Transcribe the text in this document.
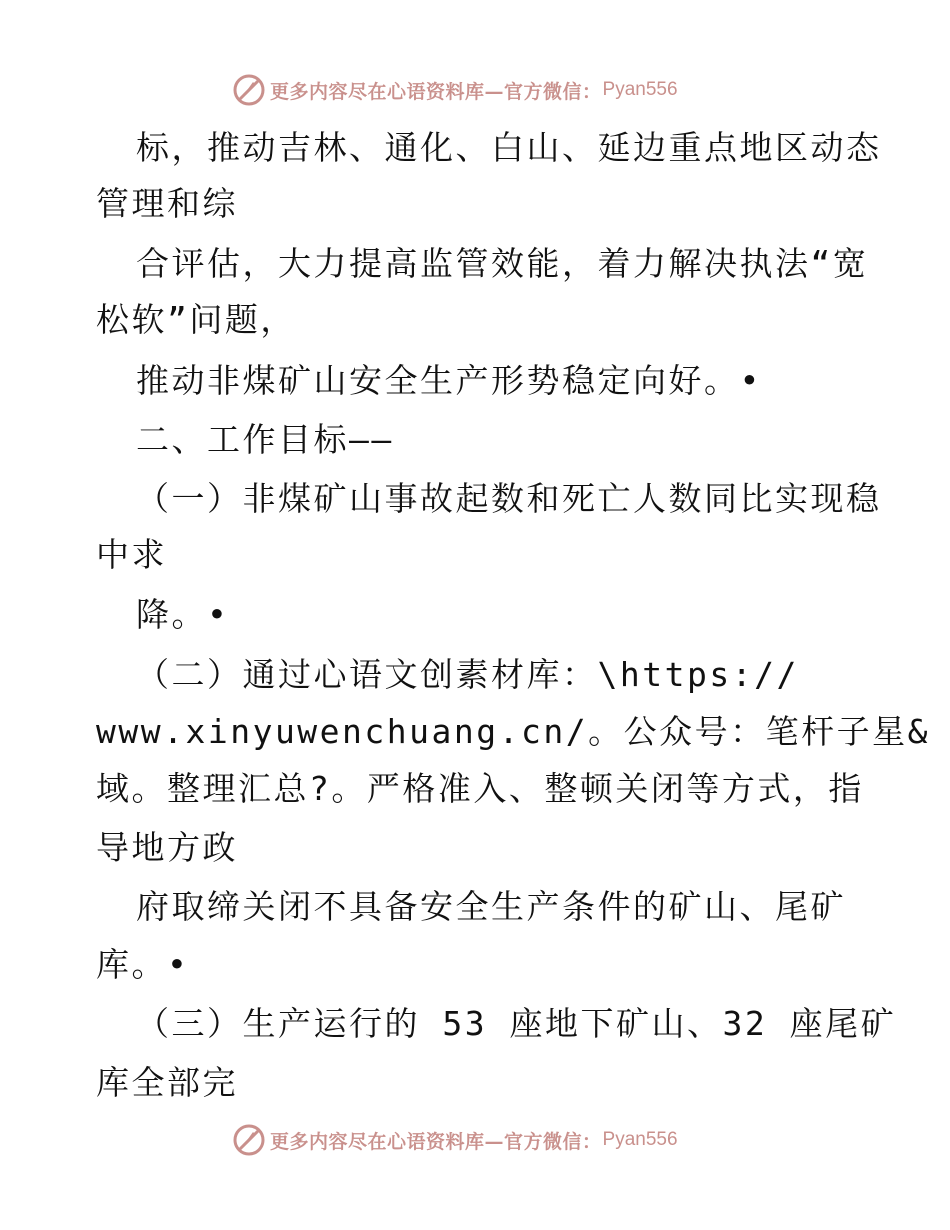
更多内容尽在心语资料库—官方微信： Pyan556
标，推动吉林、通化、白山、延边重点地区动态
管理和综
合评估，大力提高监管效能，着力解决执法“宽
松软”问题，
推动非煤矿山安全生产形势稳定向好。•
二、工作目标——
（一）非煤矿山事故起数和死亡人数同比实现稳
中求
降。•
（二）通过心语文创素材库：\https://
www.xinyuwenchuang.cn/。公众号：笔杆子星&
域。整理汇总?。严格准入、整顿关闭等方式，指
导地方政
府取缔关闭不具备安全生产条件的矿山、尾矿
库。•
（三）生产运行的 53 座地下矿山、32 座尾矿
库全部完
更多内容尽在心语资料库—官方微信： Pyan556
